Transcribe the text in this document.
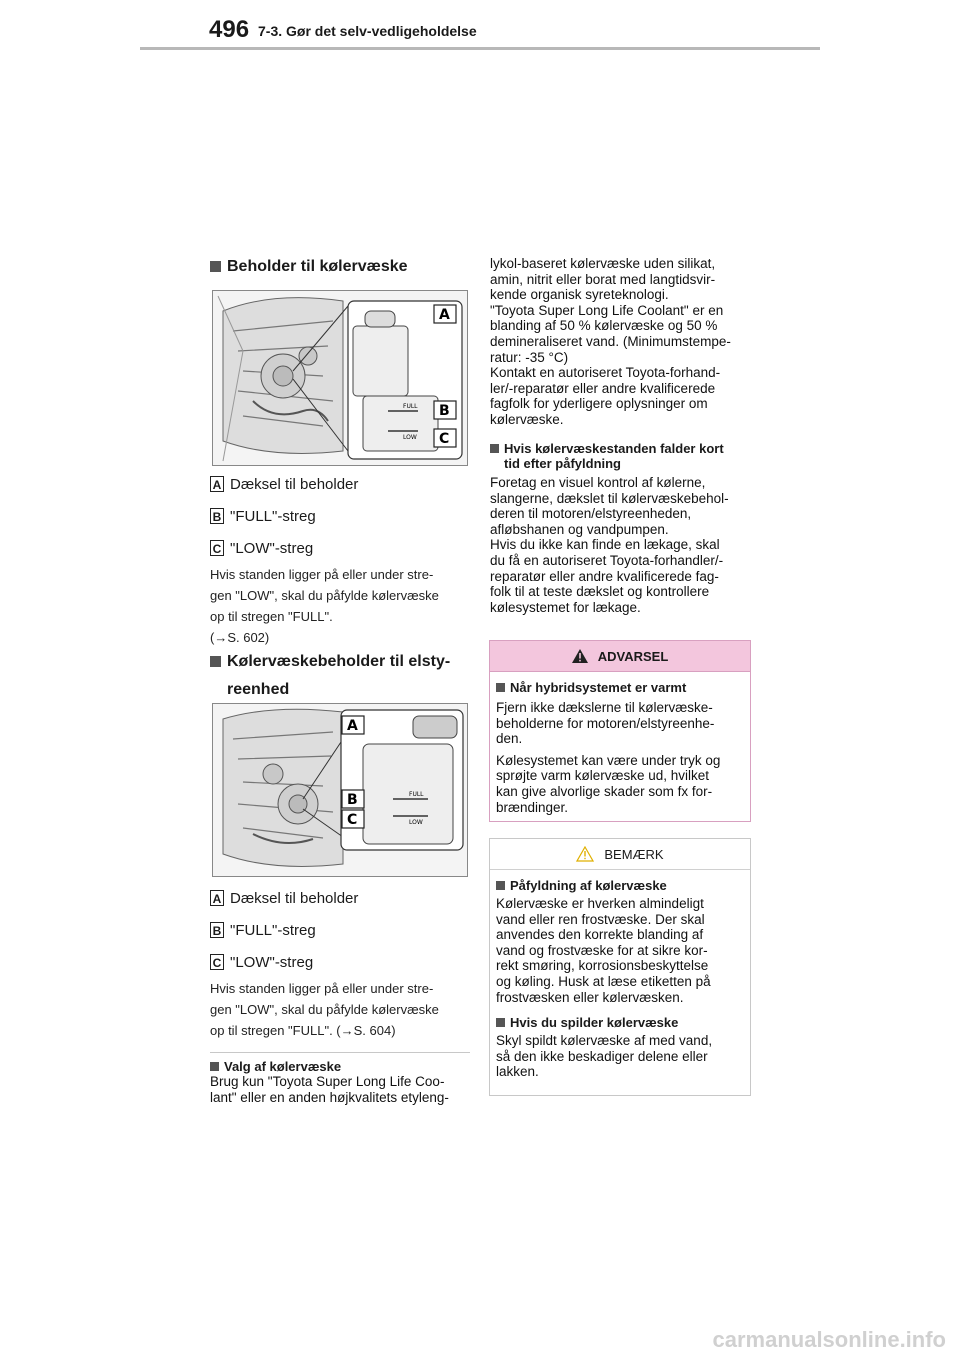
496 7-3. Gør det selv-vedligeholdelse
Beholder til kølervæske
FULL
LOW
A
B
C
A Dæksel til beholder
B "FULL"-streg
C "LOW"-streg
Hvis standen ligger på eller under stre-
gen "LOW", skal du påfylde kølervæske
op til stregen "FULL".
(→S. 602)
Kølervæskebeholder til elsty-
reenhed
FULL
LOW
A
B
C
A Dæksel til beholder
B "FULL"-streg
C "LOW"-streg
Hvis standen ligger på eller under stre-
gen "LOW", skal du påfylde kølervæske
op til stregen "FULL". (→S. 604)
Valg af kølervæske
Brug kun "Toyota Super Long Life Coo-
lant" eller en anden højkvalitets etyleng-
lykol-baseret kølervæske uden silikat,
amin, nitrit eller borat med langtidsvir-
kende organisk syreteknologi.
"Toyota Super Long Life Coolant" er en
blanding af 50 % kølervæske og 50 %
demineraliseret vand. (Minimumstempe-
ratur: -35 °C)
Kontakt en autoriseret Toyota-forhand-
ler/-reparatør eller andre kvalificerede
fagfolk for yderligere oplysninger om
kølervæske.
Hvis kølervæskestanden falder kort
tid efter påfyldning
Foretag en visuel kontrol af kølerne,
slangerne, dækslet til kølervæskebehol-
deren til motoren/elstyreenheden,
afløbshanen og vandpumpen.
Hvis du ikke kan finde en lækage, skal
du få en autoriseret Toyota-forhandler/-
reparatør eller andre kvalificerede fag-
folk til at teste dækslet og kontrollere
kølesystemet for lækage.
ADVARSEL
Når hybridsystemet er varmt
Fjern ikke dækslerne til kølervæske-
beholderne for motoren/elstyreenhe-
den.
Kølesystemet kan være under tryk og
sprøjte varm kølervæske ud, hvilket
kan give alvorlige skader som fx for-
brændinger.
BEMÆRK
Påfyldning af kølervæske
Kølervæske er hverken almindeligt
vand eller ren frostvæske. Der skal
anvendes den korrekte blanding af
vand og frostvæske for at sikre kor-
rekt smøring, korrosionsbeskyttelse
og køling. Husk at læse etiketten på
frostvæsken eller kølervæsken.
Hvis du spilder kølervæske
Skyl spildt kølervæske af med vand,
så den ikke beskadiger delene eller
lakken.
carmanualsonline.info
